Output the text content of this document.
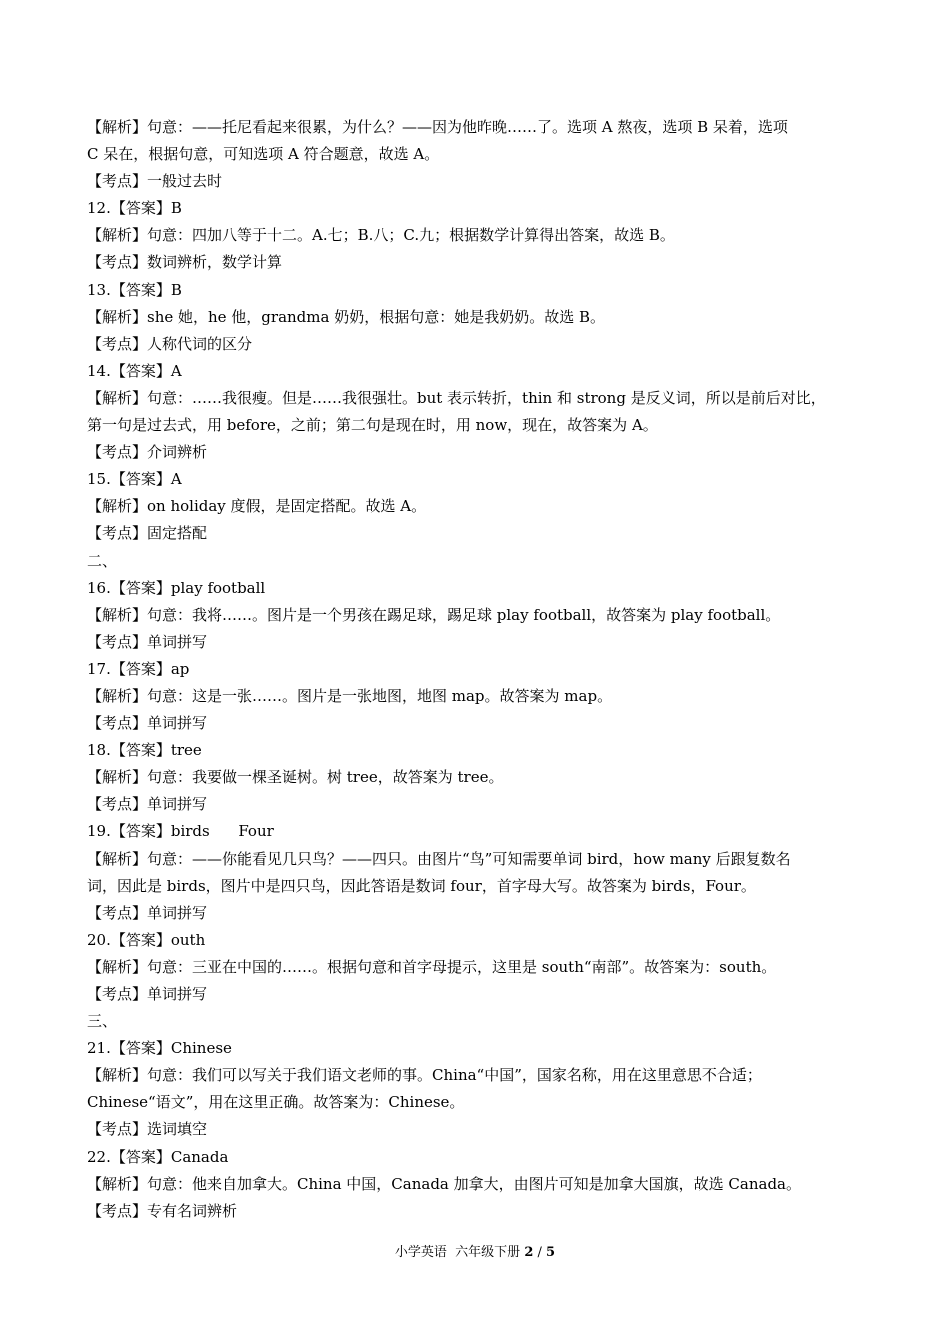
【解析】句意：——托尼看起来很累，为什么？——因为他昨晚……了。选项 A 熬夜，选项 B 呆着，选项
C 呆在，根据句意，可知选项 A 符合题意，故选 A。
【考点】一般过去时
12.【答案】B
【解析】句意：四加八等于十二。A.七；B.八；C.九；根据数学计算得出答案，故选 B。
【考点】数词辨析，数学计算
13.【答案】B
【解析】she 她，he 他，grandma 奶奶，根据句意：她是我奶奶。故选 B。
【考点】人称代词的区分
14.【答案】A
【解析】句意：……我很瘦。但是……我很强壮。but 表示转折，thin 和 strong 是反义词，所以是前后对比，
第一句是过去式，用 before，之前；第二句是现在时，用 now，现在，故答案为 A。
【考点】介词辨析
15.【答案】A
【解析】on holiday 度假，是固定搭配。故选 A。
【考点】固定搭配
二、
16.【答案】play football
【解析】句意：我将……。图片是一个男孩在踢足球，踢足球 play football，故答案为 play football。
【考点】单词拼写
17.【答案】ap
【解析】句意：这是一张……。图片是一张地图，地图 map。故答案为 map。
【考点】单词拼写
18.【答案】tree
【解析】句意：我要做一棵圣诞树。树 tree，故答案为 tree。
【考点】单词拼写
19.【答案】birds      Four
【解析】句意：——你能看见几只鸟？——四只。由图片“鸟”可知需要单词 bird，how many 后跟复数名
词，因此是 birds，图片中是四只鸟，因此答语是数词 four，首字母大写。故答案为 birds，Four。
【考点】单词拼写
20.【答案】outh
【解析】句意：三亚在中国的……。根据句意和首字母提示，这里是 south“南部”。故答案为：south。
【考点】单词拼写
三、
21.【答案】Chinese
【解析】句意：我们可以写关于我们语文老师的事。China“中国”，国家名称，用在这里意思不合适；
Chinese“语文”，用在这里正确。故答案为：Chinese。
【考点】选词填空
22.【答案】Canada
【解析】句意：他来自加拿大。China 中国，Canada 加拿大，由图片可知是加拿大国旗，故选 Canada。
【考点】专有名词辨析
小学英语  六年级下册 2 / 5
